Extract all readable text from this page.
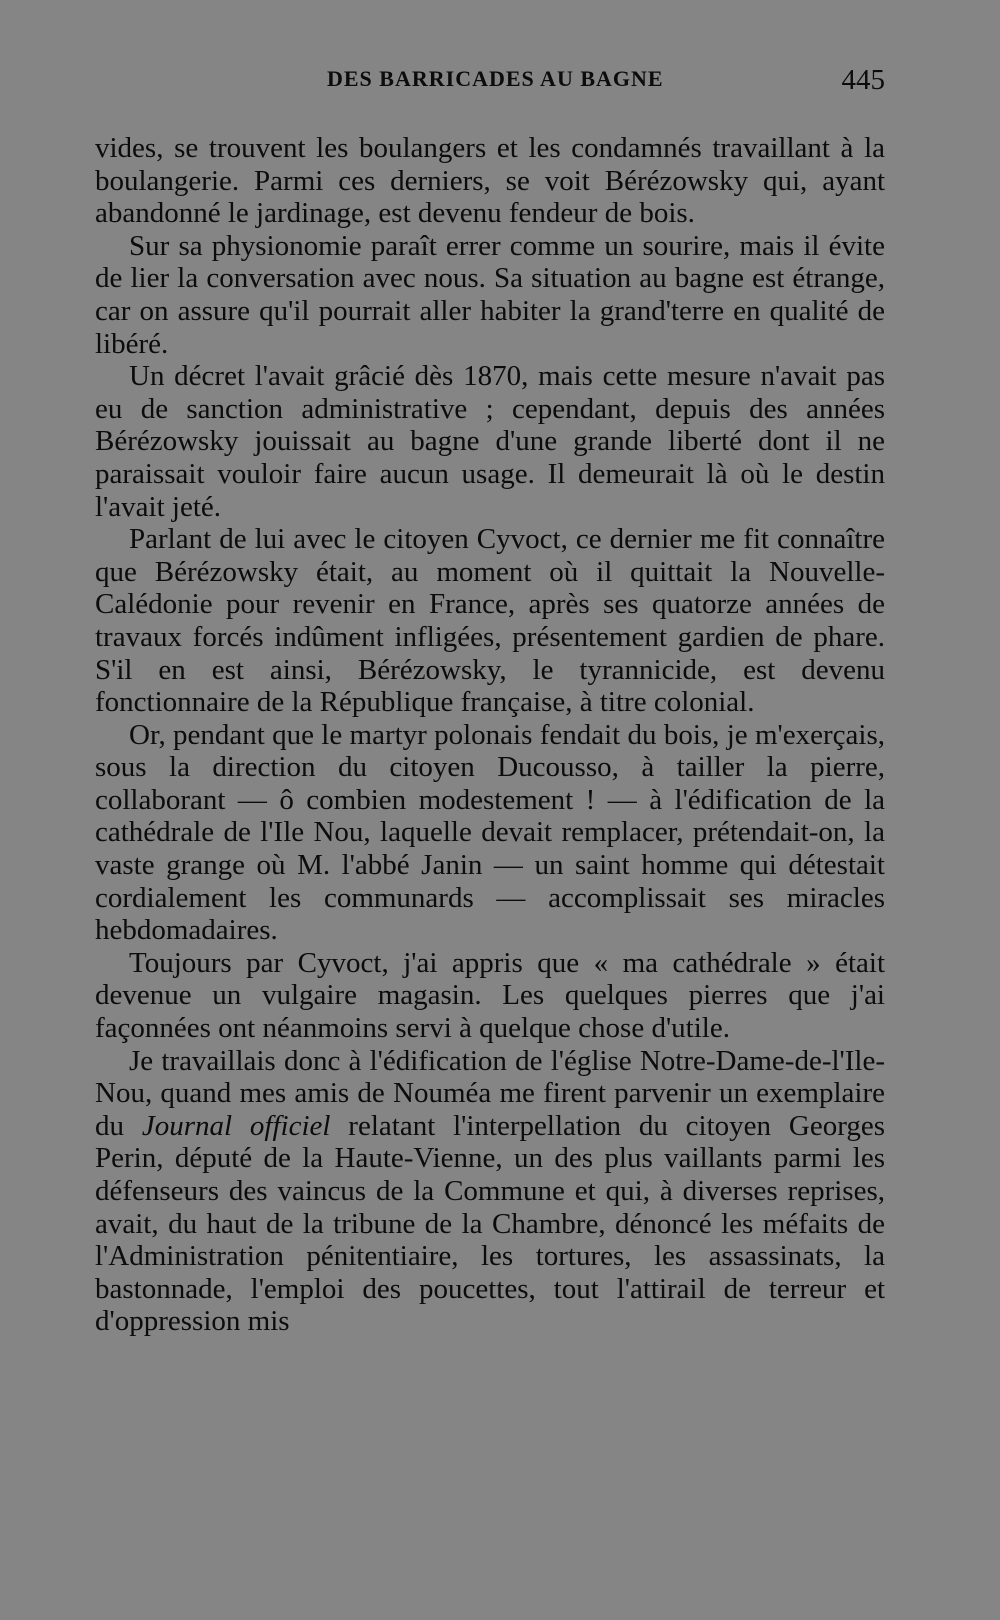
DES BARRICADES AU BAGNE	445

vides, se trouvent les boulangers et les condamnés travaillant à la boulangerie. Parmi ces derniers, se voit Bérézowsky qui, ayant abandonné le jardinage, est devenu fendeur de bois.

Sur sa physionomie paraît errer comme un sourire, mais il évite de lier la conversation avec nous. Sa situation au bagne est étrange, car on assure qu'il pourrait aller habiter la grand'terre en qualité de libéré.

Un décret l'avait grâcié dès 1870, mais cette mesure n'avait pas eu de sanction administrative ; cependant, depuis des années Bérézowsky jouissait au bagne d'une grande liberté dont il ne paraissait vouloir faire aucun usage. Il demeurait là où le destin l'avait jeté.

Parlant de lui avec le citoyen Cyvoct, ce dernier me fit connaître que Bérézowsky était, au moment où il quittait la Nouvelle-Calédonie pour revenir en France, après ses quatorze années de travaux forcés indûment infligées, présentement gardien de phare. S'il en est ainsi, Bérézowsky, le tyrannicide, est devenu fonctionnaire de la République française, à titre colonial.

Or, pendant que le martyr polonais fendait du bois, je m'exerçais, sous la direction du citoyen Ducousso, à tailler la pierre, collaborant — ô combien modestement ! — à l'édification de la cathédrale de l'Ile Nou, laquelle devait remplacer, prétendait-on, la vaste grange où M. l'abbé Janin — un saint homme qui détestait cordialement les communards — accomplissait ses miracles hebdomadaires.

Toujours par Cyvoct, j'ai appris que « ma cathédrale » était devenue un vulgaire magasin. Les quelques pierres que j'ai façonnées ont néanmoins servi à quelque chose d'utile.

Je travaillais donc à l'édification de l'église Notre-Dame-de-l'Ile-Nou, quand mes amis de Nouméa me firent parvenir un exemplaire du Journal officiel relatant l'interpellation du citoyen Georges Perin, député de la Haute-Vienne, un des plus vaillants parmi les défenseurs des vaincus de la Commune et qui, à diverses reprises, avait, du haut de la tribune de la Chambre, dénoncé les méfaits de l'Administration pénitentiaire, les tortures, les assassinats, la bastonnade, l'emploi des poucettes, tout l'attirail de terreur et d'oppression mis
